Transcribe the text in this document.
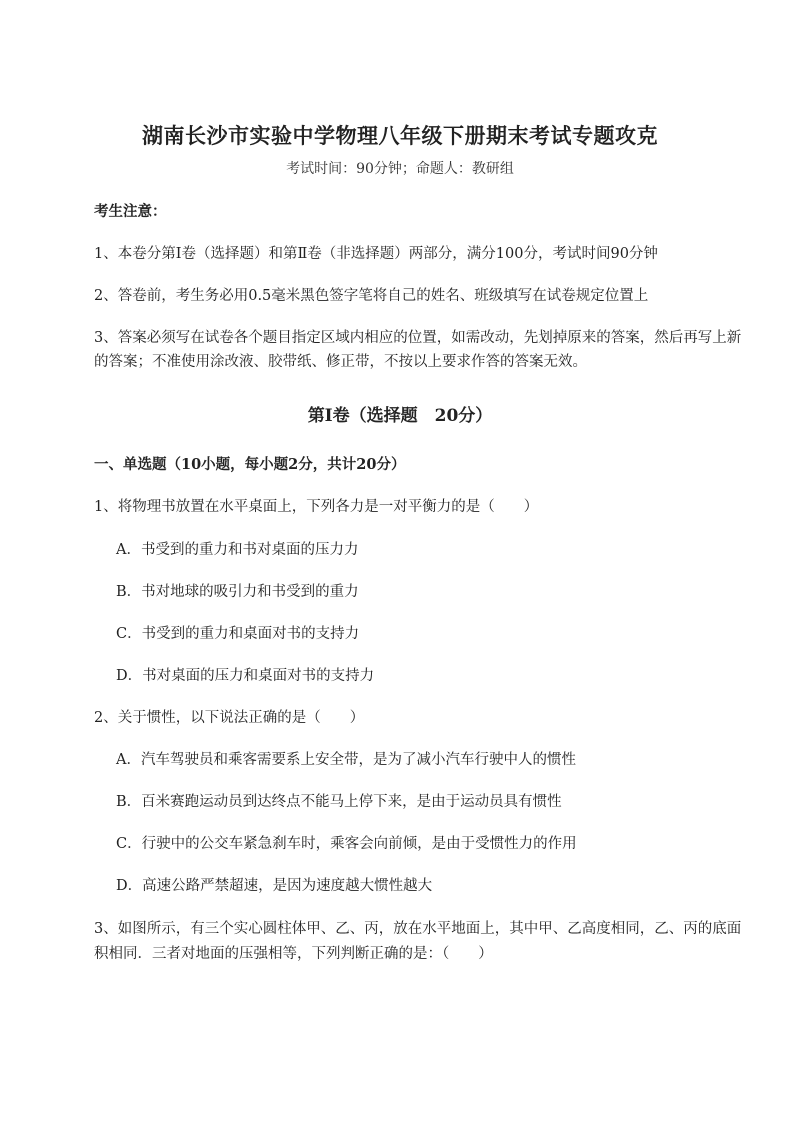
湖南长沙市实验中学物理八年级下册期末考试专题攻克
考试时间：90分钟；命题人：教研组
考生注意：
1、本卷分第Ⅰ卷（选择题）和第Ⅱ卷（非选择题）两部分，满分100分，考试时间90分钟
2、答卷前，考生务必用0.5毫米黑色签字笔将自己的姓名、班级填写在试卷规定位置上
3、答案必须写在试卷各个题目指定区域内相应的位置，如需改动，先划掉原来的答案，然后再写上新
的答案；不准使用涂改液、胶带纸、修正带，不按以上要求作答的答案无效。
第Ⅰ卷（选择题　20分）
一、单选题（10小题，每小题2分，共计20分）
1、将物理书放置在水平桌面上，下列各力是一对平衡力的是（　　）
A．书受到的重力和书对桌面的压力力
B．书对地球的吸引力和书受到的重力
C．书受到的重力和桌面对书的支持力
D．书对桌面的压力和桌面对书的支持力
2、关于惯性，以下说法正确的是（　　）
A．汽车驾驶员和乘客需要系上安全带，是为了减小汽车行驶中人的惯性
B．百米赛跑运动员到达终点不能马上停下来，是由于运动员具有惯性
C．行驶中的公交车紧急刹车时，乘客会向前倾，是由于受惯性力的作用
D．高速公路严禁超速，是因为速度越大惯性越大
3、如图所示，有三个实心圆柱体甲、乙、丙，放在水平地面上，其中甲、乙高度相同，乙、丙的底面
积相同．三者对地面的压强相等，下列判断正确的是：（　　）
